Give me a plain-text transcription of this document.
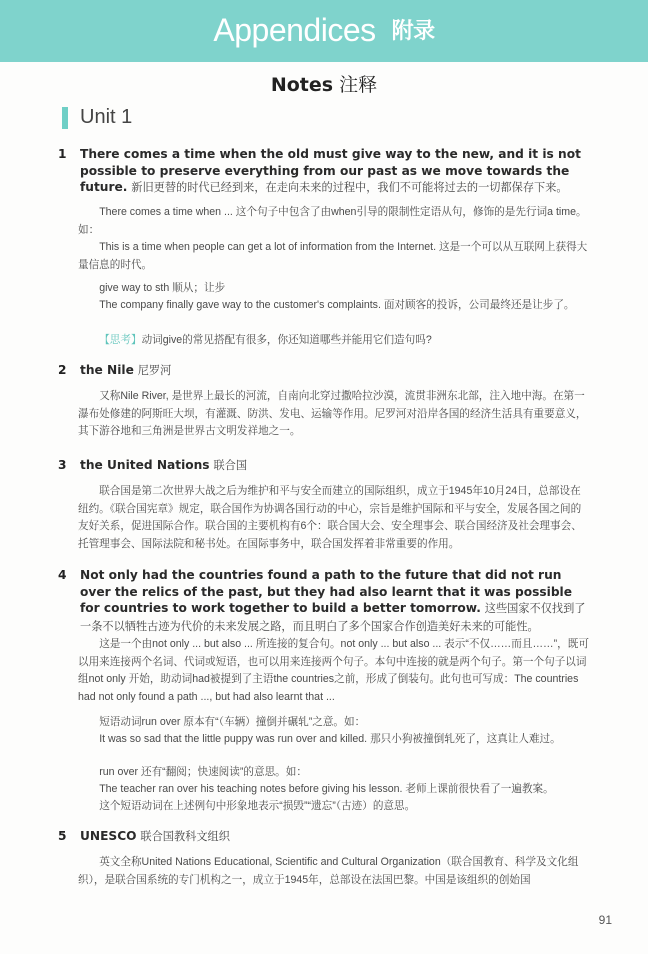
Appendices 附录
Notes 注释
Unit 1
1	There comes a time when the old must give way to the new, and it is not possible to preserve everything from our past as we move towards the future. 新旧更替的时代已经到来，在走向未来的过程中，我们不可能将过去的一切都保存下来。
There comes a time when ... 这个句子中包含了由when引导的限制性定语从句，修饰的是先行词a time。如：
This is a time when people can get a lot of information from the Internet. 这是一个可以从互联网上获得大量信息的时代。
give way to sth 顺从；让步
The company finally gave way to the customer's complaints. 面对顾客的投诉，公司最终还是让步了。
【思考】动词give的常见搭配有很多，你还知道哪些并能用它们造句吗?
2	the Nile 尼罗河
又称Nile River, 是世界上最长的河流，自南向北穿过撒哈拉沙漠，流贯非洲东北部，注入地中海。在第一瀑布处修建的阿斯旺大坝，有灌溉、防洪、发电、运输等作用。尼罗河对沿岸各国的经济生活具有重要意义，其下游谷地和三角洲是世界古文明发祥地之一。
3	the United Nations 联合国
联合国是第二次世界大战之后为维护和平与安全而建立的国际组织，成立于1945年10月24日，总部设在纽约。《联合国宪章》规定，联合国作为协调各国行动的中心，宗旨是维护国际和平与安全，发展各国之间的友好关系，促进国际合作。联合国的主要机构有6个：联合国大会、安全理事会、联合国经济及社会理事会、托管理事会、国际法院和秘书处。在国际事务中，联合国发挥着非常重要的作用。
4	Not only had the countries found a path to the future that did not run over the relics of the past, but they had also learnt that it was possible for countries to work together to build a better tomorrow. 这些国家不仅找到了一条不以牺牲古迹为代价的未来发展之路，而且明白了多个国家合作创造美好未来的可能性。
这是一个由not only ... but also ... 所连接的复合句。not only ... but also ... 表示“不仅……而且……”，既可以用来连接两个名词、代词或短语，也可以用来连接两个句子。本句中连接的就是两个句子。第一个句子以词组not only 开始，助动词had被提到了主语the countries之前，形成了倒装句。此句也可写成：The countries had not only found a path ..., but had also learnt that ...
短语动词run over 原本有“（车辆）撞倒并碾轧”之意。如：
It was so sad that the little puppy was run over and killed. 那只小狗被撞倒轧死了，这真让人难过。
run over 还有“翻阅；快速阅读”的意思。如：
The teacher ran over his teaching notes before giving his lesson. 老师上课前很快看了一遍教案。
这个短语动词在上述例句中形象地表示“损毁”“遗忘”（古迹）的意思。
5	UNESCO 联合国教科文组织
英文全称United Nations Educational, Scientific and Cultural Organization（联合国教育、科学及文化组织），是联合国系统的专门机构之一，成立于1945年，总部设在法国巴黎。中国是该组织的创始国
91
